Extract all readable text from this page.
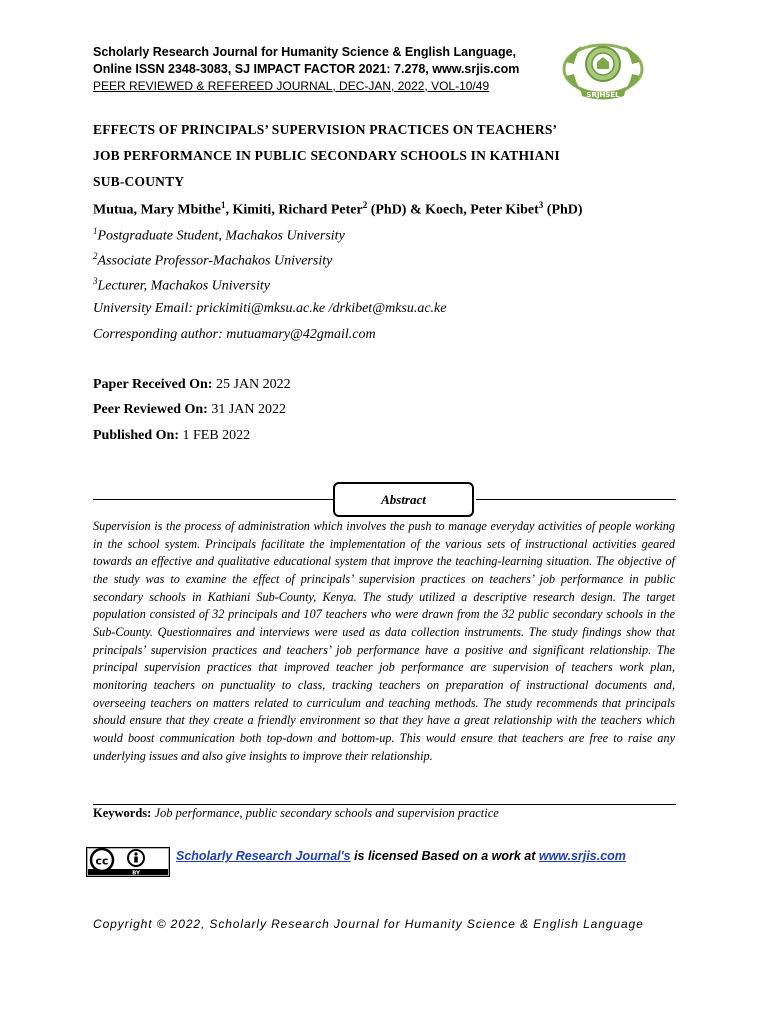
Scholarly Research Journal for Humanity Science & English Language,
Online ISSN 2348-3083, SJ IMPACT FACTOR 2021: 7.278, www.srjis.com
PEER REVIEWED & REFEREED JOURNAL, DEC-JAN, 2022, VOL-10/49
SRJHSEL
EFFECTS OF PRINCIPALS’ SUPERVISION PRACTICES ON TEACHERS’
JOB PERFORMANCE IN PUBLIC SECONDARY SCHOOLS IN KATHIANI
SUB-COUNTY
Mutua, Mary Mbithe$^1$, Kimiti, Richard Peter$^2$ (PhD) & Koech, Peter Kibet$^3$ (PhD)
$^1$Postgraduate Student, Machakos University
$^2$Associate Professor-Machakos University
$^3$Lecturer, Machakos University
University Email: prickimiti@mksu.ac.ke /drkibet@mksu.ac.ke
Corresponding author: mutuamary@42gmail.com
Paper Received On: 25 JAN 2022
Peer Reviewed On: 31 JAN 2022
Published On: 1 FEB 2022
Abstract
Supervision is the process of administration which involves the push to manage everyday activities of people working in the school system. Principals facilitate the implementation of the various sets of instructional activities geared towards an effective and qualitative educational system that improve the teaching-learning situation. The objective of the study was to examine the effect of principals’ supervision practices on teachers’ job performance in public secondary schools in Kathiani Sub-County, Kenya. The study utilized a descriptive research design. The target population consisted of 32 principals and 107 teachers who were drawn from the 32 public secondary schools in the Sub-County. Questionnaires and interviews were used as data collection instruments. The study findings show that principals’ supervision practices and teachers’ job performance have a positive and significant relationship. The principal supervision practices that improved teacher job performance are supervision of teachers work plan, monitoring teachers on punctuality to class, tracking teachers on preparation of instructional documents and, overseeing teachers on matters related to curriculum and teaching methods. The study recommends that principals should ensure that they create a friendly environment so that they have a great relationship with the teachers which would boost communication both top-down and bottom-up. This would ensure that teachers are free to raise any underlying issues and also give insights to improve their relationship.
Keywords: Job performance, public secondary schools and supervision practice
cc
BY
Scholarly Research Journal's is licensed Based on a work at www.srjis.com
Copyright © 2022, Scholarly Research Journal for Humanity Science & English Language
